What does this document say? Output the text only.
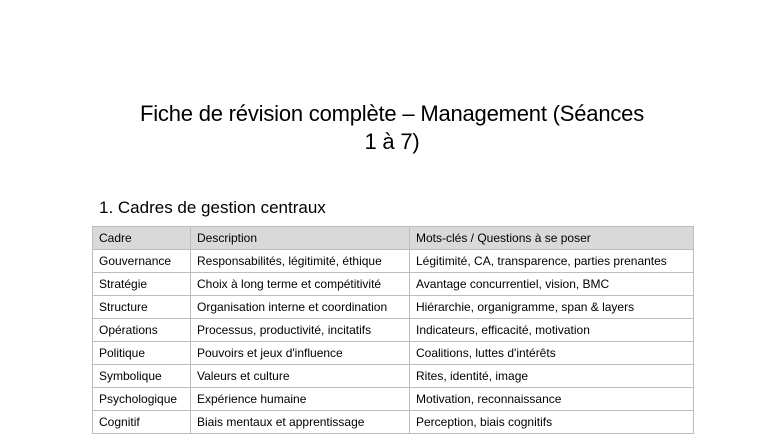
Fiche de révision complète – Management (Séances
1 à 7)
1. Cadres de gestion centraux
Cadre	Description	Mots-clés / Questions à se poser
Gouvernance	Responsabilités, légitimité, éthique	Légitimité, CA, transparence, parties prenantes
Stratégie	Choix à long terme et compétitivité	Avantage concurrentiel, vision, BMC
Structure	Organisation interne et coordination	Hiérarchie, organigramme, span & layers
Opérations	Processus, productivité, incitatifs	Indicateurs, efficacité, motivation
Politique	Pouvoirs et jeux d'influence	Coalitions, luttes d'intérêts
Symbolique	Valeurs et culture	Rites, identité, image
Psychologique	Expérience humaine	Motivation, reconnaissance
Cognitif	Biais mentaux et apprentissage	Perception, biais cognitifs
